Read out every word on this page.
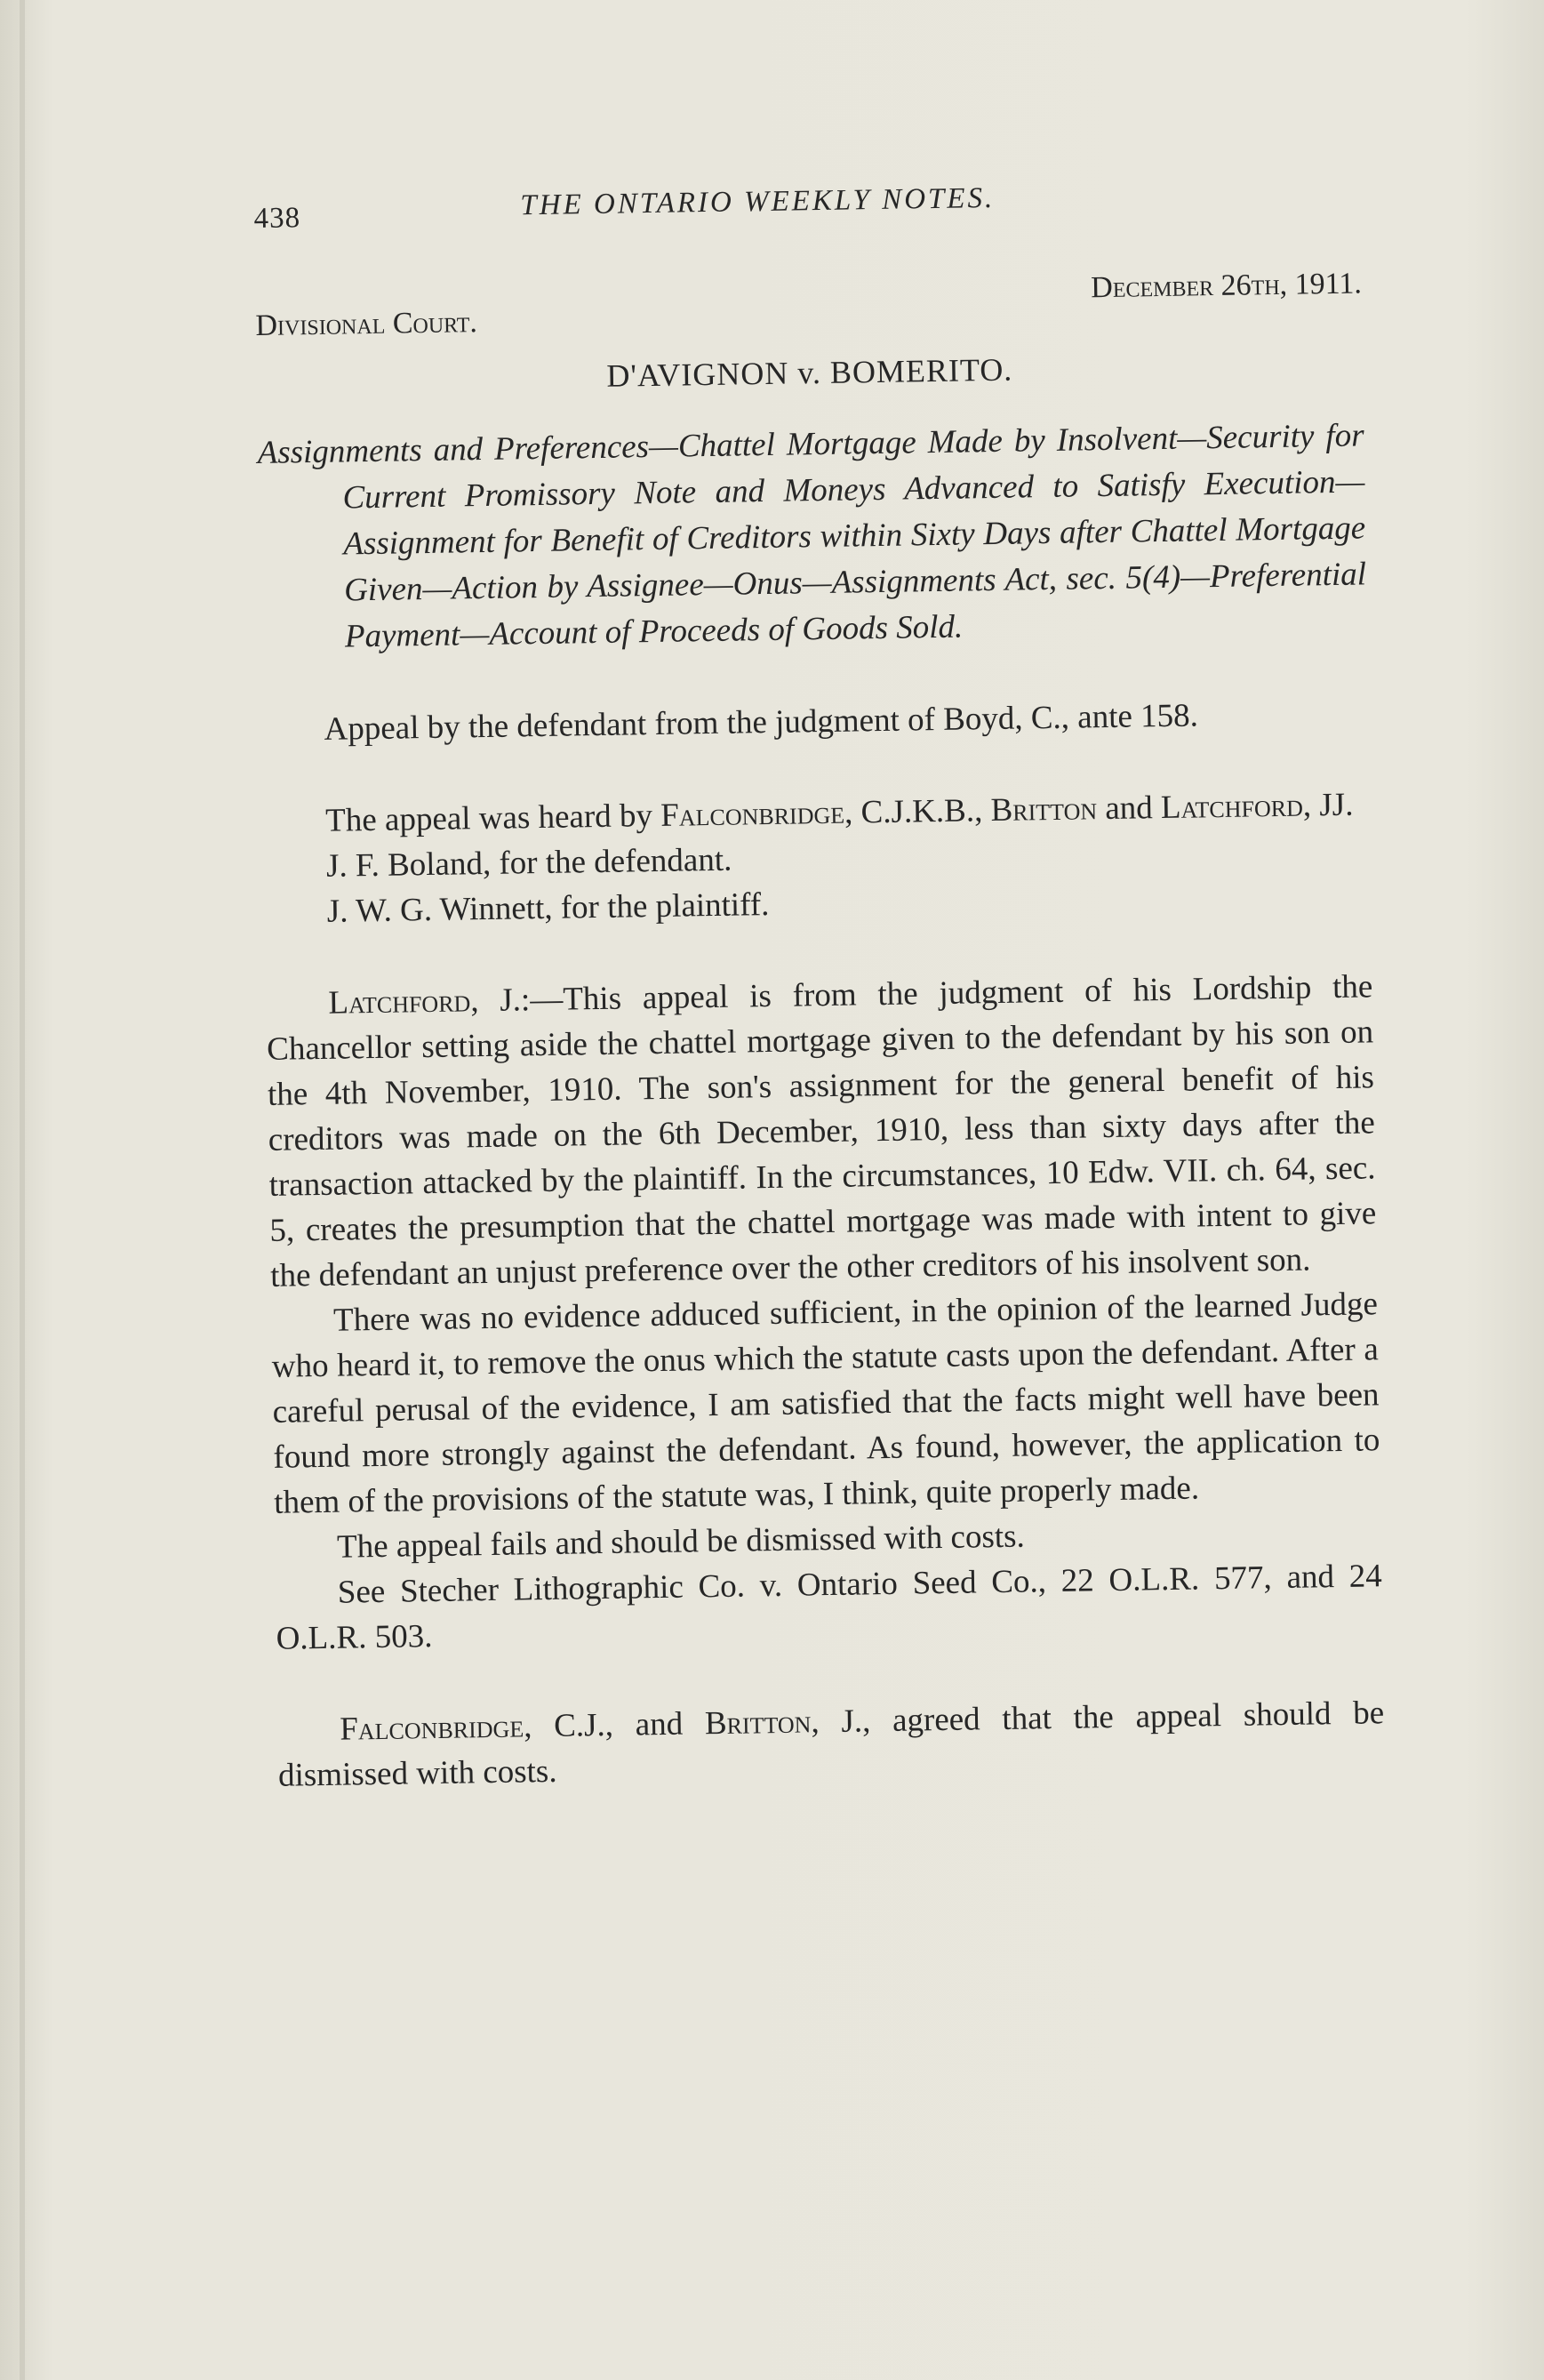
438	THE ONTARIO WEEKLY NOTES.
Divisional Court.
December 26th, 1911.
D'AVIGNON v. BOMERITO.

Assignments and Preferences—Chattel Mortgage Made by Insolvent—Security for Current Promissory Note and Moneys Advanced to Satisfy Execution—Assignment for Benefit of Creditors within Sixty Days after Chattel Mortgage Given—Action by Assignee—Onus—Assignments Act, sec. 5(4)—Preferential Payment—Account of Proceeds of Goods Sold.

Appeal by the defendant from the judgment of Boyd, C., ante 158.

The appeal was heard by Falconbridge, C.J.K.B., Britton and Latchford, JJ.

J. F. Boland, for the defendant.

J. W. G. Winnett, for the plaintiff.

Latchford, J.:—This appeal is from the judgment of his Lordship the Chancellor setting aside the chattel mortgage given to the defendant by his son on the 4th November, 1910. The son's assignment for the general benefit of his creditors was made on the 6th December, 1910, less than sixty days after the transaction attacked by the plaintiff. In the circumstances, 10 Edw. VII. ch. 64, sec. 5, creates the presumption that the chattel mortgage was made with intent to give the defendant an unjust preference over the other creditors of his insolvent son.

There was no evidence adduced sufficient, in the opinion of the learned Judge who heard it, to remove the onus which the statute casts upon the defendant. After a careful perusal of the evidence, I am satisfied that the facts might well have been found more strongly against the defendant. As found, however, the application to them of the provisions of the statute was, I think, quite properly made.

The appeal fails and should be dismissed with costs.

See Stecher Lithographic Co. v. Ontario Seed Co., 22 O.L.R. 577, and 24 O.L.R. 503.

Falconbridge, C.J., and Britton, J., agreed that the appeal should be dismissed with costs.
